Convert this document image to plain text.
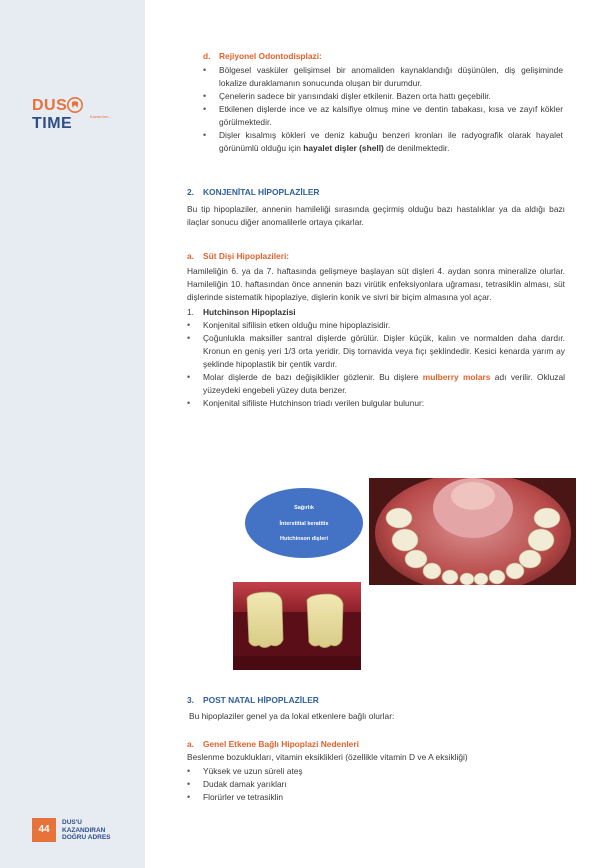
DUSTIME	Kazandırır...
44
DUS'U
KAZANDIRAN
DOĞRU ADRES
d. Rejiyonel Odontodisplazi:
• Bölgesel vasküler gelişimsel bir anomaliden kaynaklandığı düşünülen, diş gelişiminde lokalize duraklamanın sonucunda oluşan bir durumdur.
• Çenelerin sadece bir yarısındaki dişler etkilenir. Bazen orta hattı geçebilir.
• Etkilenen dişlerde ince ve az kalsifiye olmuş mine ve dentin tabakası, kısa ve zayıf kökler görülmektedir.
• Dişler kısalmış kökleri ve deniz kabuğu benzeri kronları ile radyografik olarak hayalet görünümlü olduğu için hayalet dişler (shell) de denilmektedir.
2. KONJENİTAL HİPOPLAZİLER
Bu tip hipoplaziler, annenin hamileliği sırasında geçirmiş olduğu bazı hastalıklar ya da aldığı bazı ilaçlar sonucu diğer anomalilerle ortaya çıkarlar.
a. Süt Dişi Hipoplazileri:
Hamileliğin 6. ya da 7. haftasında gelişmeye başlayan süt dişleri 4. aydan sonra mineralize olurlar. Hamileliğin 10. haftasından önce annenin bazı virütik enfeksiyonlara uğraması, tetrasiklin alması, süt dişlerinde sistematik hipoplaziye, dişlerin konik ve sivri bir biçim almasına yol açar.
1. Hutchinson Hipoplazisi
• Konjenital sifilisin etken olduğu mine hipoplazisidir.
• Çoğunlukla maksiller santral dişlerde görülür. Dişler küçük, kalın ve normalden daha dardır. Kronun en geniş yeri 1/3 orta yeridir. Diş tornavida veya fıçı şeklindedir. Kesici kenarda yarım ay şeklinde hipoplastik bir çentik vardır.
• Molar dişlerde de bazı değişiklikler gözlenir. Bu dişlere mulberry molars adı verilir. Okluzal yüzeydeki engebeli yüzey duta benzer.
• Konjenital sifiliste Hutchinson triadı verilen bulgular bulunur:
Sağırlık
İnterstitial keratitis
Hutchinson dişleri
3. POST NATAL HİPOPLAZİLER
Bu hipoplaziler genel ya da lokal etkenlere bağlı olurlar:
a. Genel Etkene Bağlı Hipoplazi Nedenleri
Beslenme bozuklukları, vitamin eksiklikleri (özellikle vitamin D ve A eksikliği)
• Yüksek ve uzun süreli ateş
• Dudak damak yarıkları
• Florürler ve tetrasiklin
